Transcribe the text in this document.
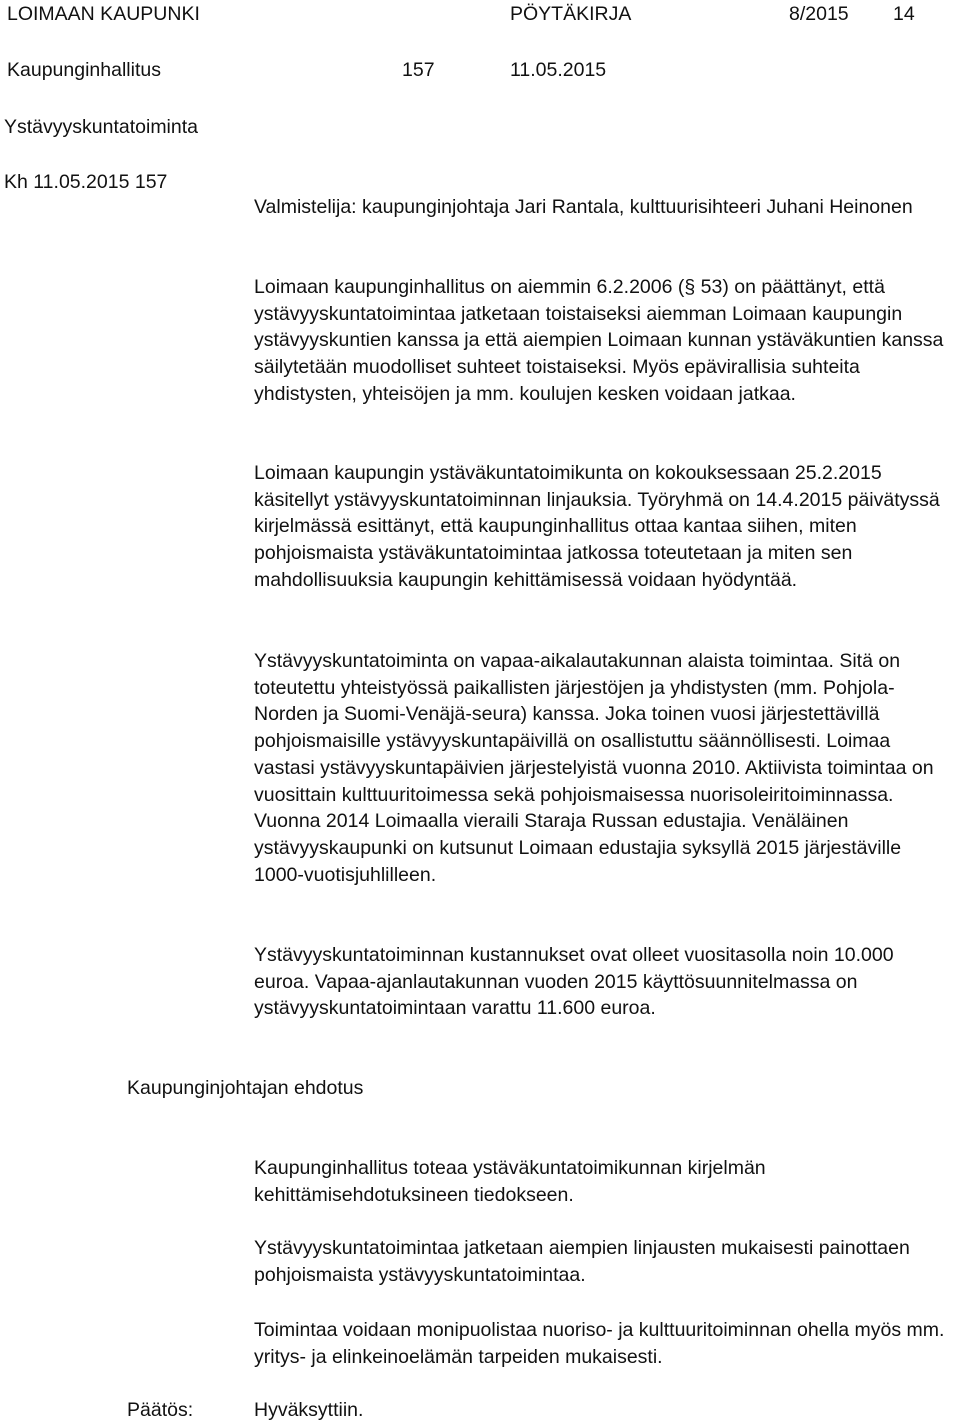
LOIMAAN KAUPUNKI	PÖYTÄKIRJA	8/2015 14
Kaupunginhallitus	157	11.05.2015
Ystävyyskuntatoiminta
Kh 11.05.2015 157

Valmistelija: kaupunginjohtaja Jari Rantala, kulttuurisihteeri Juhani Heinonen

Loimaan kaupunginhallitus on aiemmin 6.2.2006 (§ 53) on päättänyt, että ystävyyskuntatoimintaa jatketaan toistaiseksi aiemman Loimaan kaupungin ystävyyskuntien kanssa ja että aiempien Loimaan kunnan ystäväkuntien kanssa säilytetään muodolliset suhteet toistaiseksi. Myös epävirallisia suhteita yhdistysten, yhteisöjen ja mm. koulujen kesken voidaan jatkaa.

Loimaan kaupungin ystäväkuntatoimikunta on kokouksessaan 25.2.2015 käsitellyt ystävyyskuntatoiminnan linjauksia. Työryhmä on 14.4.2015 päivätyssä kirjelmässä esittänyt, että kaupunginhallitus ottaa kantaa siihen, miten pohjoismaista ystäväkuntatoimintaa jatkossa toteutetaan ja miten sen mahdollisuuksia kaupungin kehittämisessä voidaan hyödyntää.

Ystävyyskuntatoiminta on vapaa-aikalautakunnan alaista toimintaa. Sitä on toteutettu yhteistyössä paikallisten järjestöjen ja yhdistysten (mm. Pohjola-Norden ja Suomi-Venäjä-seura) kanssa. Joka toinen vuosi järjestettävillä pohjoismaisille ystävyyskuntapäivillä on osallistuttu säännöllisesti. Loimaa vastasi ystävyyskuntapäivien järjestelyistä vuonna 2010. Aktiivista toimintaa on vuosittain kulttuuritoimessa sekä pohjoismaisessa nuorisoleiritoiminnassa. Vuonna 2014 Loimaalla vieraili Staraja Russan edustajia. Venäläinen ystävyyskaupunki on kutsunut Loimaan edustajia syksyllä 2015 järjestäville 1000-vuotisjuhlilleen.

Ystävyyskuntatoiminnan kustannukset ovat olleet vuositasolla noin 10.000 euroa. Vapaa-ajanlautakunnan vuoden 2015 käyttösuunnitelmassa on ystävyyskuntatoimintaan varattu 11.600 euroa.

Kaupunginjohtajan ehdotus

Kaupunginhallitus toteaa ystäväkuntatoimikunnan kirjelmän kehittämisehdotuksineen tiedokseen.

Ystävyyskuntatoimintaa jatketaan aiempien linjausten mukaisesti painottaen pohjoismaista ystävyyskuntatoimintaa.

Toimintaa voidaan monipuolistaa nuoriso- ja kulttuuritoiminnan ohella myös mm. yritys- ja elinkeinoelämän tarpeiden mukaisesti.

Päätös:	Hyväksyttiin.
